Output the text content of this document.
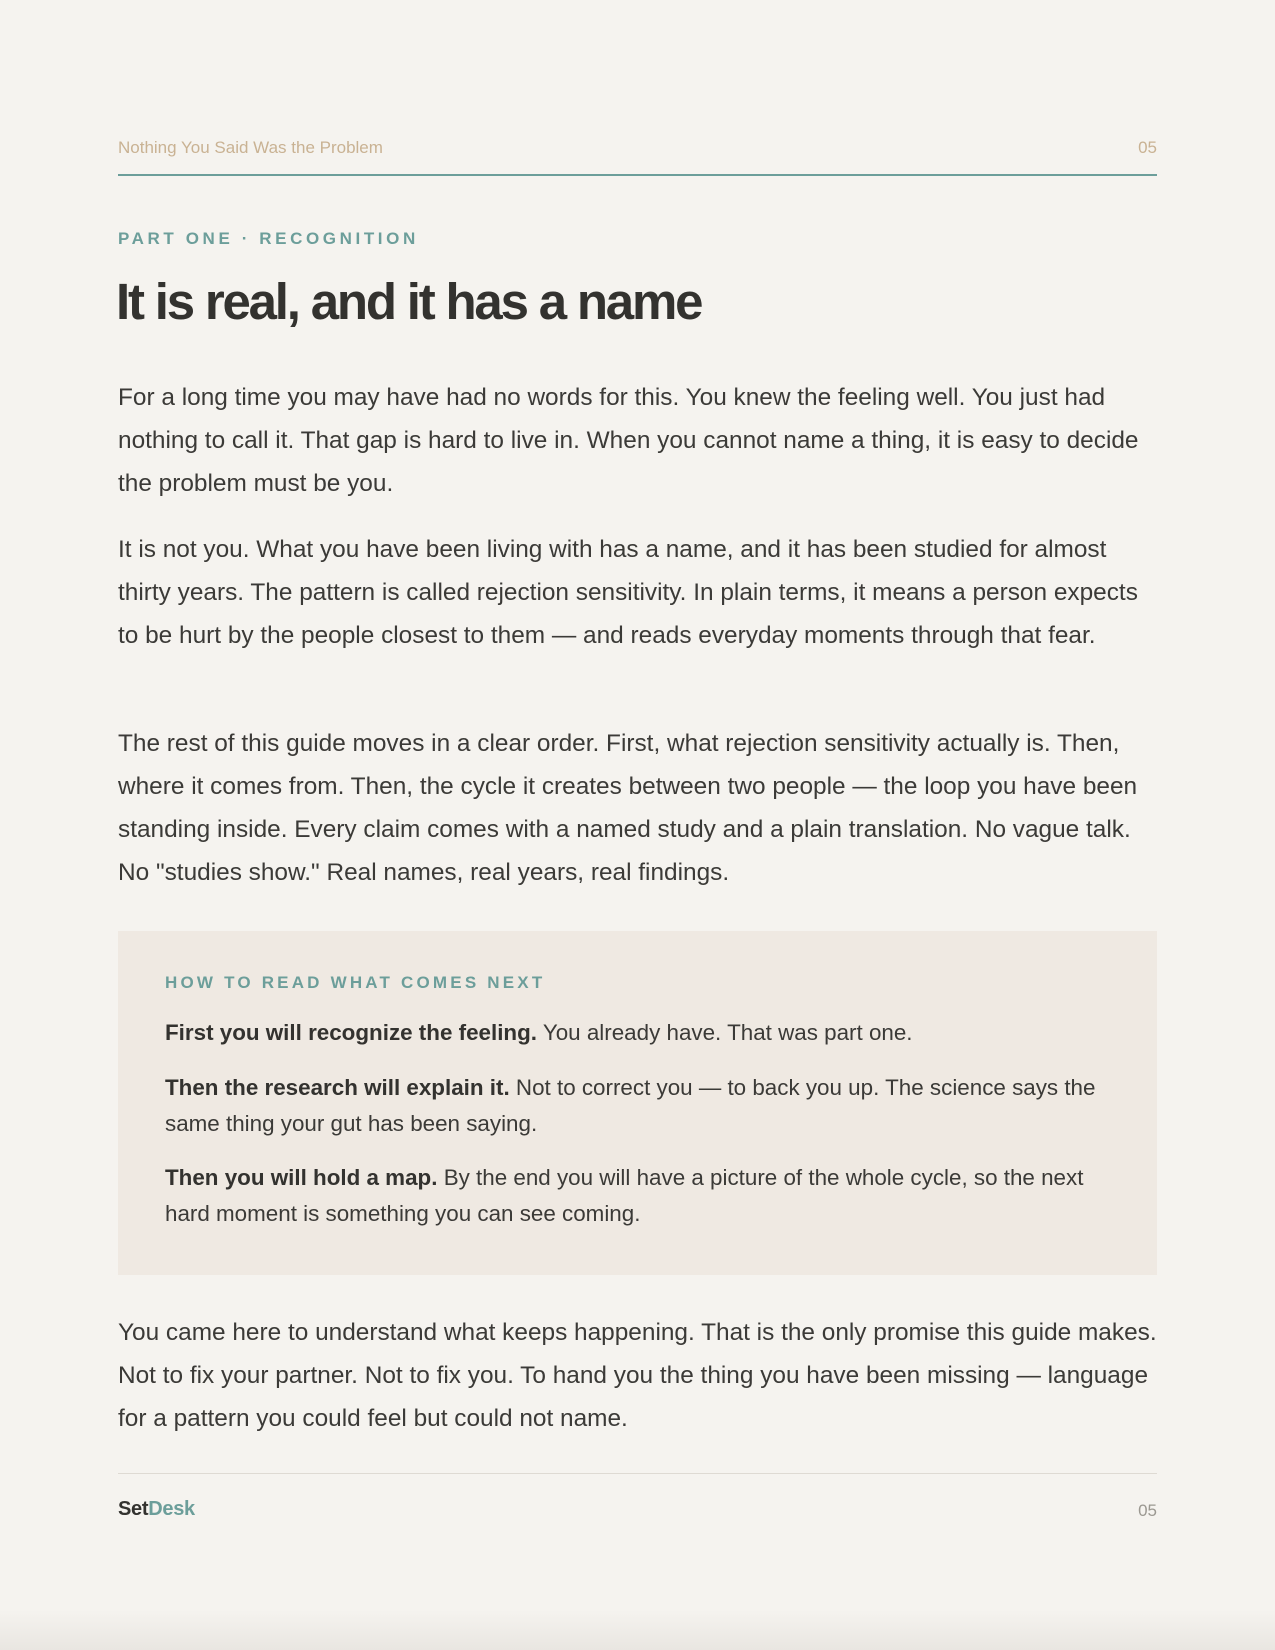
Nothing You Said Was the Problem	05
PART ONE · RECOGNITION
It is real, and it has a name

For a long time you may have had no words for this. You knew the feeling well. You just had nothing to call it. That gap is hard to live in. When you cannot name a thing, it is easy to decide the problem must be you.

It is not you. What you have been living with has a name, and it has been studied for almost thirty years. The pattern is called rejection sensitivity. In plain terms, it means a person expects to be hurt by the people closest to them — and reads everyday moments through that fear.

The rest of this guide moves in a clear order. First, what rejection sensitivity actually is. Then, where it comes from. Then, the cycle it creates between two people — the loop you have been standing inside. Every claim comes with a named study and a plain translation. No vague talk. No "studies show." Real names, real years, real findings.

HOW TO READ WHAT COMES NEXT

First you will recognize the feeling. You already have. That was part one.

Then the research will explain it. Not to correct you — to back you up. The science says the same thing your gut has been saying.

Then you will hold a map. By the end you will have a picture of the whole cycle, so the next hard moment is something you can see coming.

You came here to understand what keeps happening. That is the only promise this guide makes. Not to fix your partner. Not to fix you. To hand you the thing you have been missing — language for a pattern you could feel but could not name.

SetDesk	05
